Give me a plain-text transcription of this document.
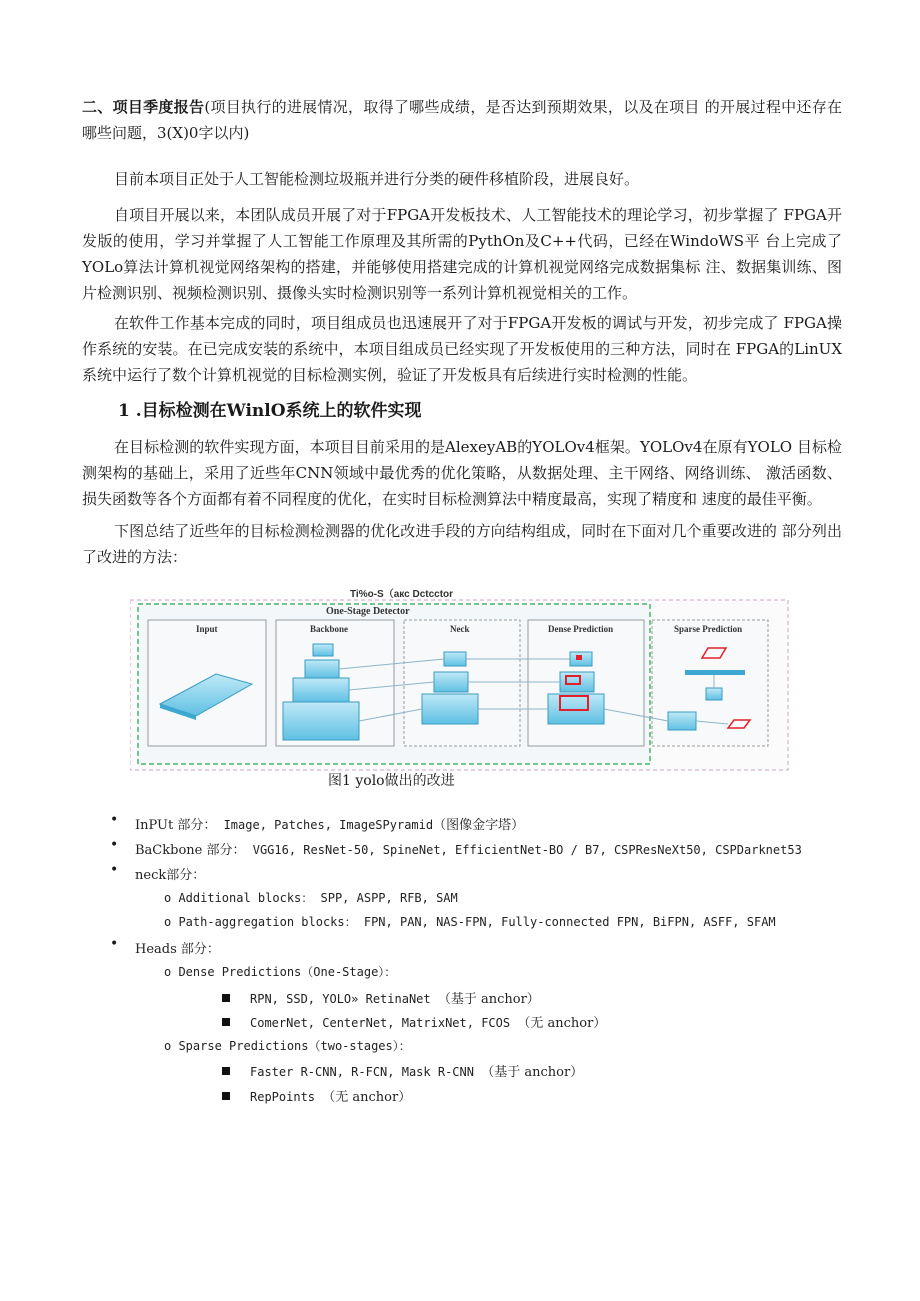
二、项目季度报告(项目执行的进展情况，取得了哪些成绩，是否达到预期效果，以及在项目 的开展过程中还存在哪些问题，3(X)0字以内)

目前本项目正处于人工智能检测垃圾瓶并进行分类的硬件移植阶段，进展良好。

自项目开展以来，本团队成员开展了对于FPGA开发板技术、人工智能技术的理论学习，初步掌握了 FPGA开发版的使用，学习并掌握了人工智能工作原理及其所需的PythOn及C++代码，已经在WindoWS平 台上完成了 YOLo算法计算机视觉网络架构的搭建，并能够使用搭建完成的计算机视觉网络完成数据集标 注、数据集训练、图片检测识别、视频检测识别、摄像头实时检测识别等一系列计算机视觉相关的工作。

在软件工作基本完成的同时，项目组成员也迅速展开了对于FPGA开发板的调试与开发，初步完成了 FPGA操作系统的安装。在已完成安装的系统中，本项目组成员已经实现了开发板使用的三种方法，同时在 FPGA的LinUX系统中运行了数个计算机视觉的目标检测实例，验证了开发板具有后续进行实时检测的性能。

1 .目标检测在WinlO系统上的软件实现

在目标检测的软件实现方面，本项目目前采用的是AlexeyAB的YOLOv4框架。YOLOv4在原有YOLO 目标检测架构的基础上，采用了近些年CNN领域中最优秀的优化策略，从数据处理、主干网络、网络训练、 激活函数、损失函数等各个方面都有着不同程度的优化，在实时目标检测算法中精度最高，实现了精度和 速度的最佳平衡。

下图总结了近些年的目标检测检测器的优化改进手段的方向结构组成，同时在下面对几个重要改进的 部分列出了改进的方法：

Ti%o-S（акс Dctcctor
One-Stage Detector
Input	Backbone	Neck	Dense Prediction	Sparse Prediction
图1 yolo做出的改进
• InPUt 部分： Image, Patches, ImageSPyramid（图像金字塔）
• BaCkbone 部分： VGG16, ResNet-50, SpineNet, EfficientNet-BO / B7, CSPResNeXt50, CSPDarknet53
• neck部分：
o Additional blocks： SPP, ASPP, RFB, SAM
o Path-aggregation blocks： FPN, PAN, NAS-FPN, Fully-connected FPN, BiFPN, ASFF, SFAM
• Heads 部分：
o Dense Predictions（One-Stage）：
RPN, SSD, YOLO» RetinaNet （基于 anchor）
ComerNet, CenterNet, MatrixNet, FCOS （无 anchor）
o Sparse Predictions（two-stages）：
Faster R-CNN, R-FCN, Mask R-CNN （基于 anchor）
RepPoints （无 anchor）
